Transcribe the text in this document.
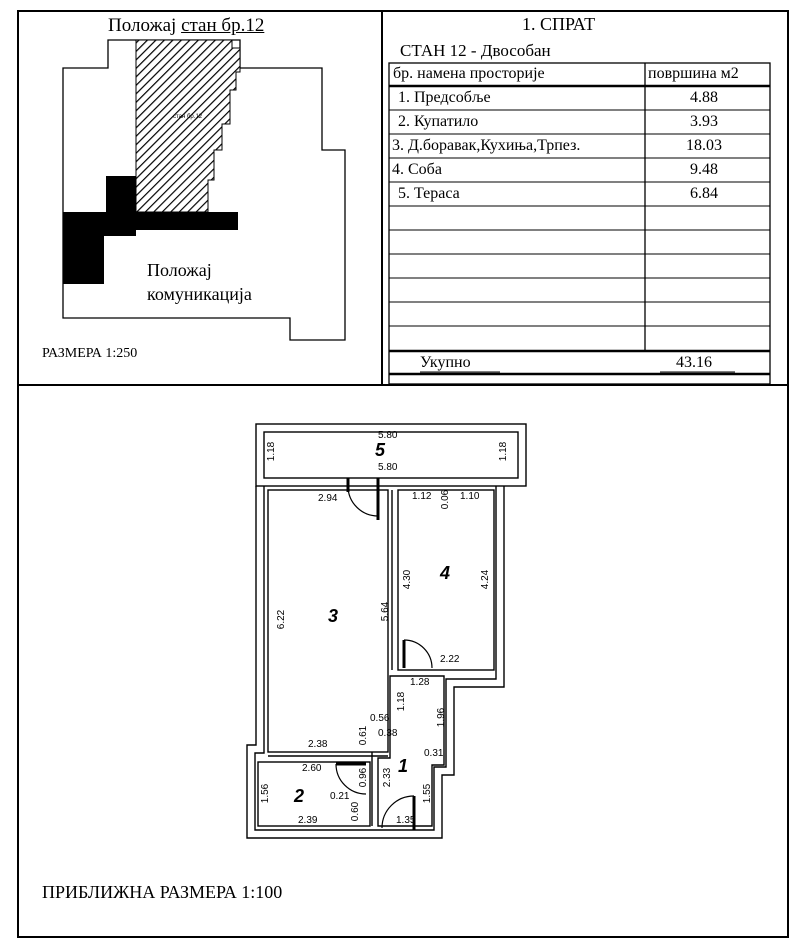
Положај стан бр.12
стан бр.12
Положај
комуникација
РАЗМЕРА 1:250
1. СПРАТ
СТАН 12 - Двособан
бр. намена просторије	површина м2
1. Предсобље	4.88
2. Купатило	3.93
3. Д.боравак,Кухиња,Трпез.	18.03
4. Соба	9.48
5. Тераса	6.84
Укупно	43.16
5
3
4
1
2
5.80
5.80
2.94	1.12	1.10
2.22
1.28
0.56
0.38
2.38
0.31
2.60
0.21
2.39	1.35
1.18	1.18
6.22	5.64
0.06
4.30	4.24
1.18
1.96
0.61
2.33
0.96
1.55
1.56
0.60
ПРИБЛИЖНА РАЗМЕРА 1:100
